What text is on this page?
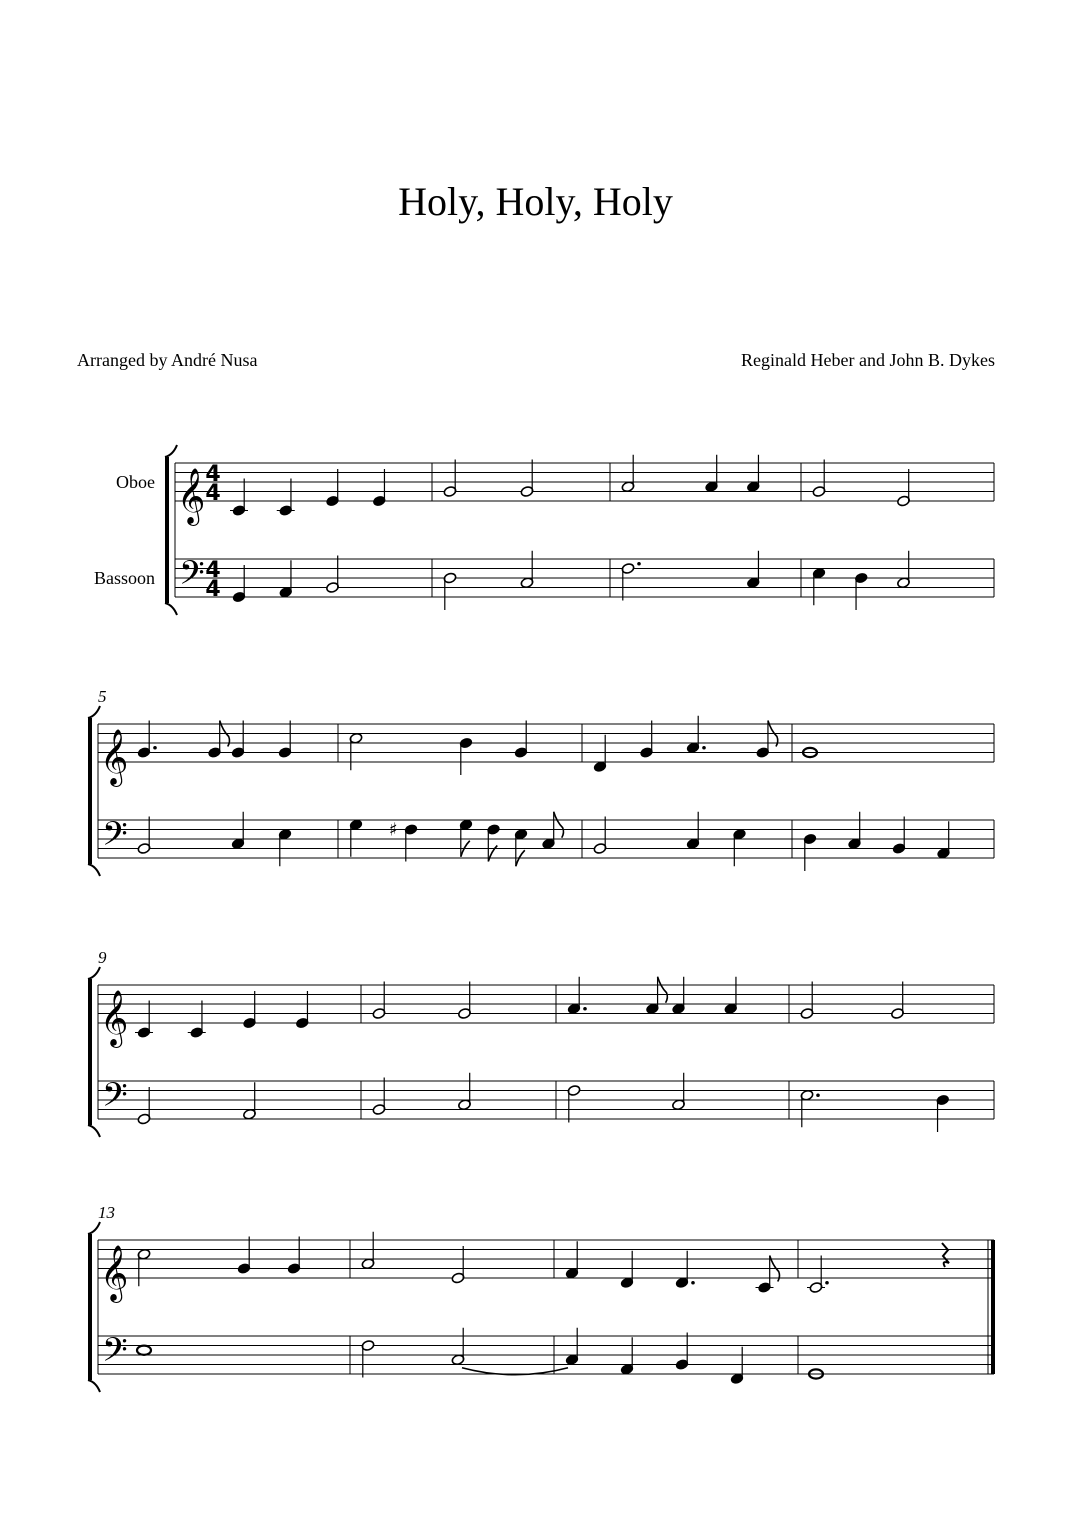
Holy, Holy, Holy
Arranged by André Nusa	Reginald Heber and John B. Dykes
4
4
4
4
Oboe
Bassoon
𝄞
𝄢
5
♯
𝄞
𝄢
9
𝄞
𝄢
13
𝄞
𝄢
